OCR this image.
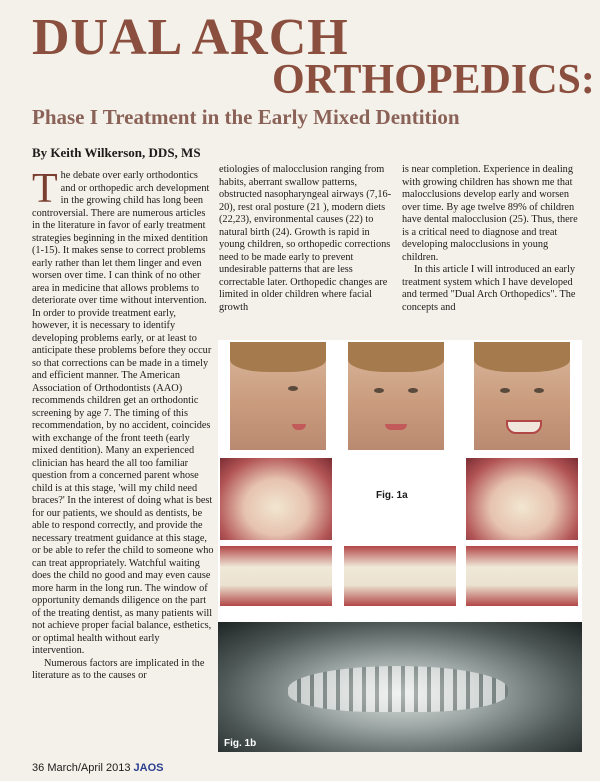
DUAL ARCH
ORTHOPEDICS:
Phase I Treatment in the Early Mixed Dentition
By Keith Wilkerson, DDS, MS

The debate over early orthodontics and or orthopedic arch development in the growing child has long been controversial. There are numerous articles in the literature in favor of early treatment strategies beginning in the mixed dentition (1-15). It makes sense to correct problems early rather than let them linger and even worsen over time. I can think of no other area in medicine that allows problems to deteriorate over time without intervention. In order to provide treatment early, however, it is necessary to identify developing problems early, or at least to anticipate these problems before they occur so that corrections can be made in a timely and efficient manner. The American Association of Orthodontists (AAO) recommends children get an orthodontic screening by age 7. The timing of this recommendation, by no accident, coincides with exchange of the front teeth (early mixed dentition). Many an experienced clinician has heard the all too familiar question from a concerned parent whose child is at this stage, 'will my child need braces?' In the interest of doing what is best for our patients, we should as dentists, be able to respond correctly, and provide the necessary treatment guidance at this stage, or be able to refer the child to someone who can treat appropriately. Watchful waiting does the child no good and may even cause more harm in the long run. The window of opportunity demands diligence on the part of the treating dentist, as many patients will not achieve proper facial balance, esthetics, or optimal health without early intervention.

Numerous factors are implicated in the literature as to the causes or

etiologies of malocclusion ranging from habits, aberrant swallow patterns, obstructed nasopharyngeal airways (7,16-20), rest oral posture (21 ), modern diets (22,23), environmental causes (22) to natural birth (24). Growth is rapid in young children, so orthopedic corrections need to be made early to prevent undesirable patterns that are less correctable later. Orthopedic changes are limited in older children where facial growth

is near completion. Experience in dealing with growing children has shown me that malocclusions develop early and worsen over time. By age twelve 89% of children have dental malocclusion (25). Thus, there is a critical need to diagnose and treat developing malocclusions in young children.

In this article I will introduced an early treatment system which I have developed and termed "Dual Arch Orthopedics". The concepts and

Fig. 1a
Fig. 1b
36 March/April 2013 JAOS
